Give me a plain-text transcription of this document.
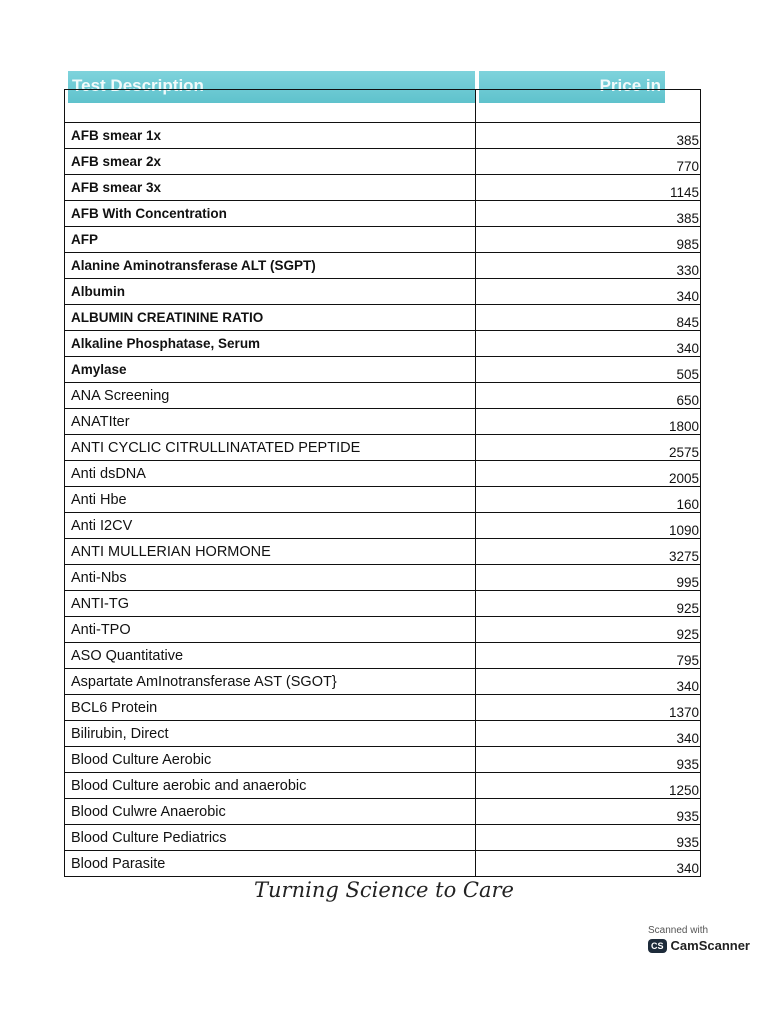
Test Description	Price in

AFB smear 1x	385
AFB smear 2x	770
AFB smear 3x	1145
AFB With Concentration	385
AFP	985
Alanine Aminotransferase ALT (SGPT)	330
Albumin	340
ALBUMIN CREATININE RATIO	845
Alkaline Phosphatase, Serum	340
Amylase	505
ANA Screening	650
ANATIter	1800
ANTI CYCLIC CITRULLINATATED PEPTIDE	2575
Anti dsDNA	2005
Anti Hbe	160
Anti I2CV	1090
ANTI MULLERIAN HORMONE	3275
Anti-Nbs	995
ANTI-TG	925
Anti-TPO	925
ASO Quantitative	795
Aspartate AmInotransferase AST (SGOT}	340
BCL6 Protein	1370
Bilirubin, Direct	340
Blood Culture Aerobic	935
Blood Culture aerobic and anaerobic	1250
Blood Culwre Anaerobic	935
Blood Culture Pediatrics	935
Blood Parasite	340
Turning Science to Care
Scanned with
CS CamScanner
